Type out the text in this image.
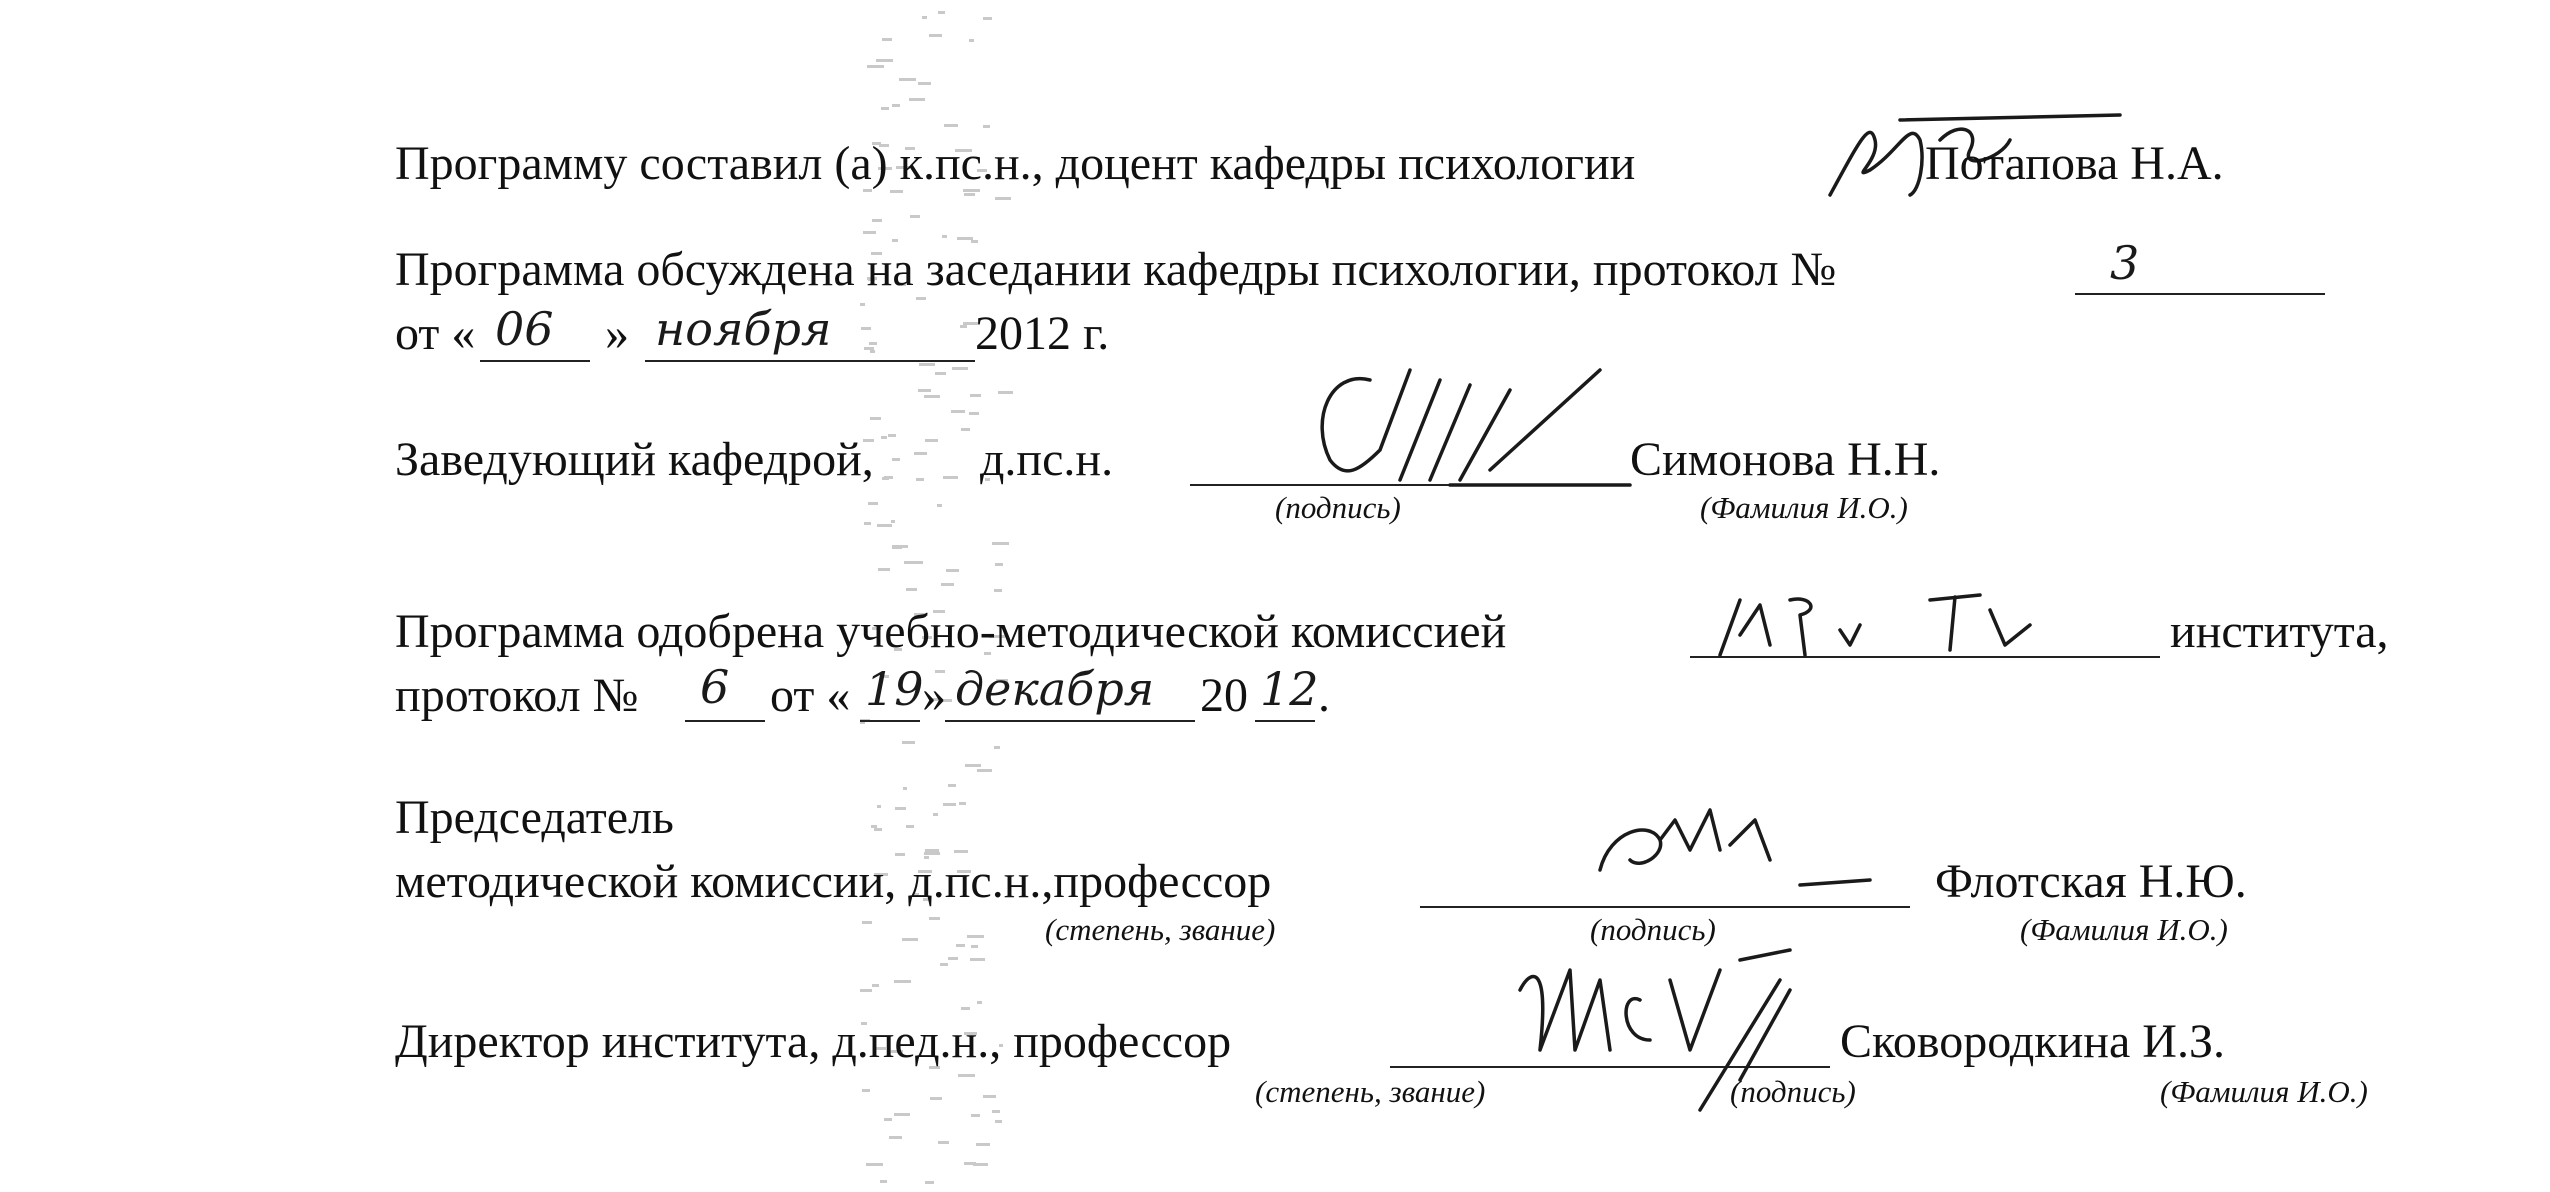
Программу составил (а) к.пс.н., доцент кафедры психологии	Потапова Н.А.
Программа обсуждена на заседании кафедры психологии, протокол №	3
от « 06 » ноября	2012 г.
Заведующий кафедрой, д.пс.н.	Симонова Н.Н.
(подпись)	(Фамилия И.О.)
Программа одобрена учебно-методической комиссией	института,
протокол № 6 от « 19
» декабря 20 12 .
Председатель
методической комиссии, д.пс.н.,профессор	Флотская Н.Ю.
(степень, звание)	(подпись)	(Фамилия И.О.)
Директор института, д.пед.н., профессор	Сковородкина И.З.
(степень, звание)	(подпись)	(Фамилия И.О.)
